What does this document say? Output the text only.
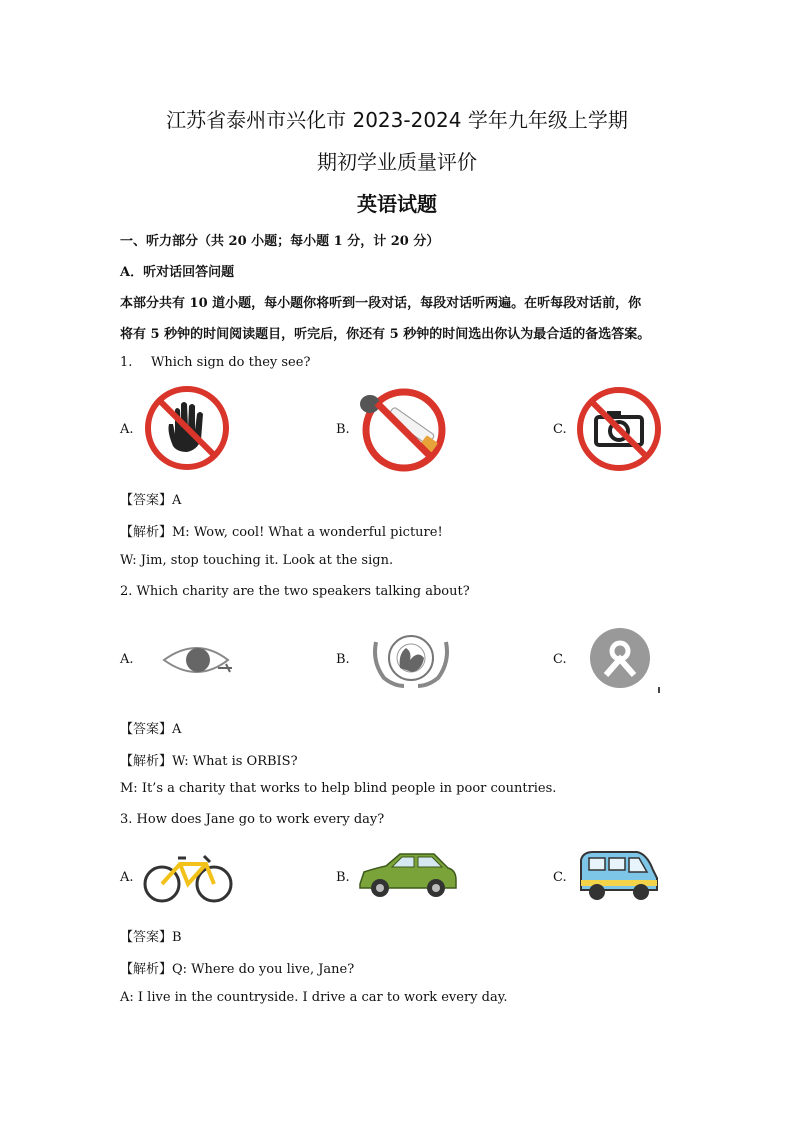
江苏省泰州市兴化市 2023-2024 学年九年级上学期
期初学业质量评价
英语试题
一、听力部分（共 20 小题；每小题 1 分，计 20 分）
A．听对话回答问题
本部分共有 10 道小题，每小题你将听到一段对话，每段对话听两遍。在听每段对话前，你
将有 5 秒钟的时间阅读题目，听完后，你还有 5 秒钟的时间选出你认为最合适的备选答案。
1. Which sign do they see?
A.	B.	C.
【答案】A
【解析】M: Wow, cool! What a wonderful picture!
W: Jim, stop touching it. Look at the sign.
2. Which charity are the two speakers talking about?
A.	B.	C.
【答案】A
【解析】W: What is ORBIS?
M: It’s a charity that works to help blind people in poor countries.
3. How does Jane go to work every day?
A.	B.	C.
【答案】B
【解析】Q: Where do you live, Jane?
A: I live in the countryside. I drive a car to work every day.
